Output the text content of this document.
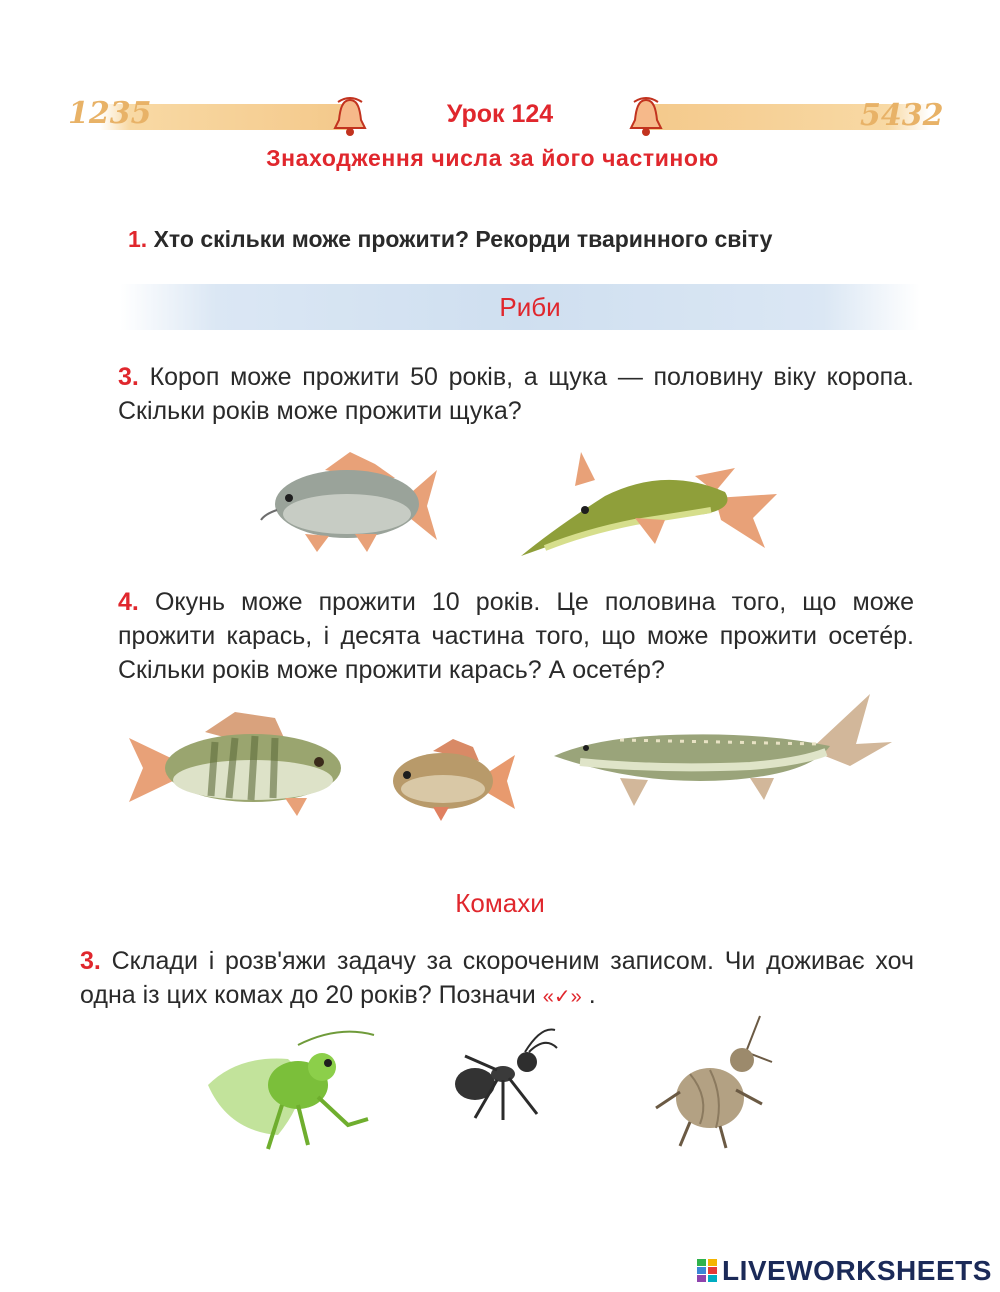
1235	5432
Урок 124
Знаходження числа за його частиною
1. Хто скільки може прожити? Рекорди тваринного світу
Риби
3. Короп може прожити 50 років, а щука — половину віку коропа. Скільки років може прожити щука?
4. Окунь може прожити 10 років. Це половина того, що може прожити карась, і десята частина того, що може прожити осетéр. Скільки років може прожити карась? А осетéр?
Комахи
3. Склади і розв'яжи задачу за скороченим записом. Чи доживає хоч одна із цих комах до 20 років? Позначи «✓» .
LIVEWORKSHEETS
